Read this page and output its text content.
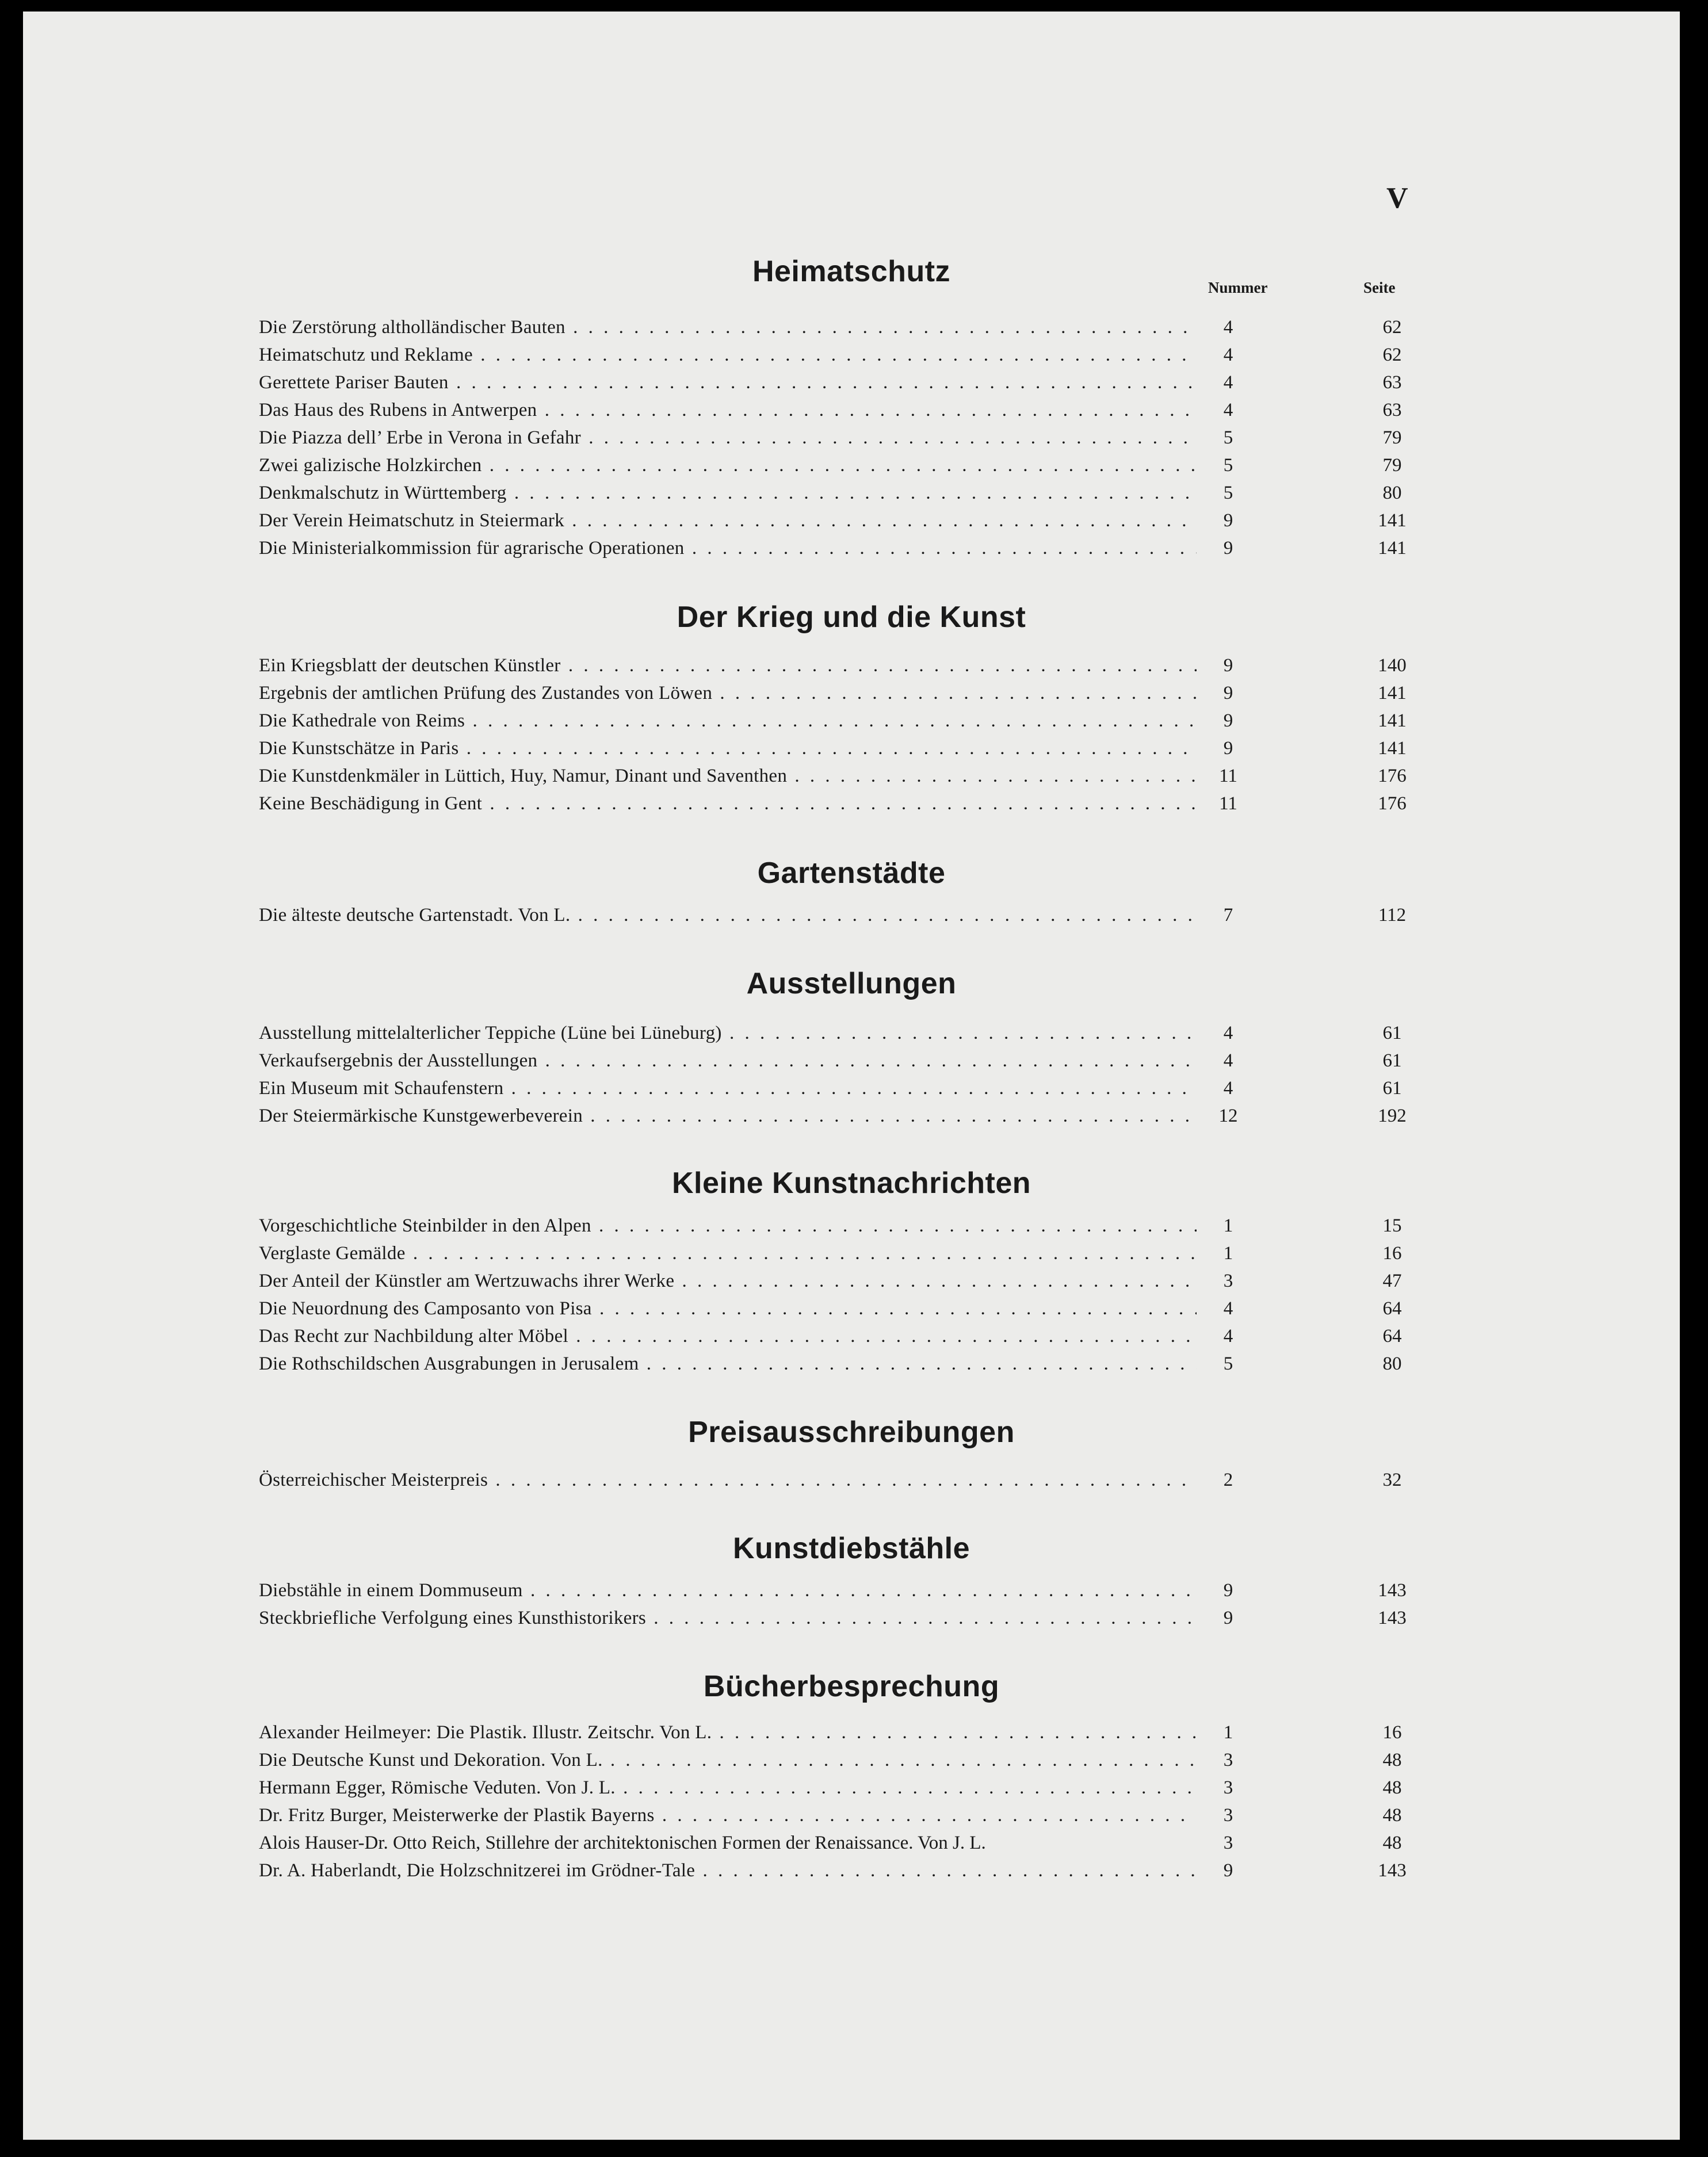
V
Nummer	Seite
Heimatschutz
Die Zerstörung altholländischer Bauten . . .	4	62
Heimatschutz und Reklame . . .	4	62
Gerettete Pariser Bauten . . .	4	63
Das Haus des Rubens in Antwerpen . . .	4	63
Die Piazza dell’ Erbe in Verona in Gefahr . . .	5	79
Zwei galizische Holzkirchen . . .	5	79
Denkmalschutz in Württemberg . . .	5	80
Der Verein Heimatschutz in Steiermark . . .	9	141
Die Ministerialkommission für agrarische Operationen . . .	9	141
Der Krieg und die Kunst
Ein Kriegsblatt der deutschen Künstler . . .	9	140
Ergebnis der amtlichen Prüfung des Zustandes von Löwen . . .	9	141
Die Kathedrale von Reims . . .	9	141
Die Kunstschätze in Paris . . .	9	141
Die Kunstdenkmäler in Lüttich, Huy, Namur, Dinant und Saventhen . . .	11	176
Keine Beschädigung in Gent . . .	11	176
Gartenstädte
Die älteste deutsche Gartenstadt. Von L. . . .	7	112
Ausstellungen
Ausstellung mittelalterlicher Teppiche (Lüne bei Lüneburg) . . .	4	61
Verkaufsergebnis der Ausstellungen . . .	4	61
Ein Museum mit Schaufenstern . . .	4	61
Der Steiermärkische Kunstgewerbeverein . . .	12	192
Kleine Kunstnachrichten
Vorgeschichtliche Steinbilder in den Alpen . . .	1	15
Verglaste Gemälde . . .	1	16
Der Anteil der Künstler am Wertzuwachs ihrer Werke . . .	3	47
Die Neuordnung des Camposanto von Pisa . . .	4	64
Das Recht zur Nachbildung alter Möbel . . .	4	64
Die Rothschildschen Ausgrabungen in Jerusalem . . .	5	80
Preisausschreibungen
Österreichischer Meisterpreis . . .	2	32
Kunstdiebstähle
Diebstähle in einem Dommuseum . . .	9	143
Steckbriefliche Verfolgung eines Kunsthistorikers . . .	9	143
Bücherbesprechung
Alexander Heilmeyer: Die Plastik. Illustr. Zeitschr. Von L. . . .	1	16
Die Deutsche Kunst und Dekoration. Von L. . . .	3	48
Hermann Egger, Römische Veduten. Von J. L. . . .	3	48
Dr. Fritz Burger, Meisterwerke der Plastik Bayerns . . .	3	48
Alois Hauser-Dr. Otto Reich, Stillehre der architektonischen Formen der Renaissance. Von J. L.	3	48
Dr. A. Haberlandt, Die Holzschnitzerei im Grödner-Tale . . .	9	143
